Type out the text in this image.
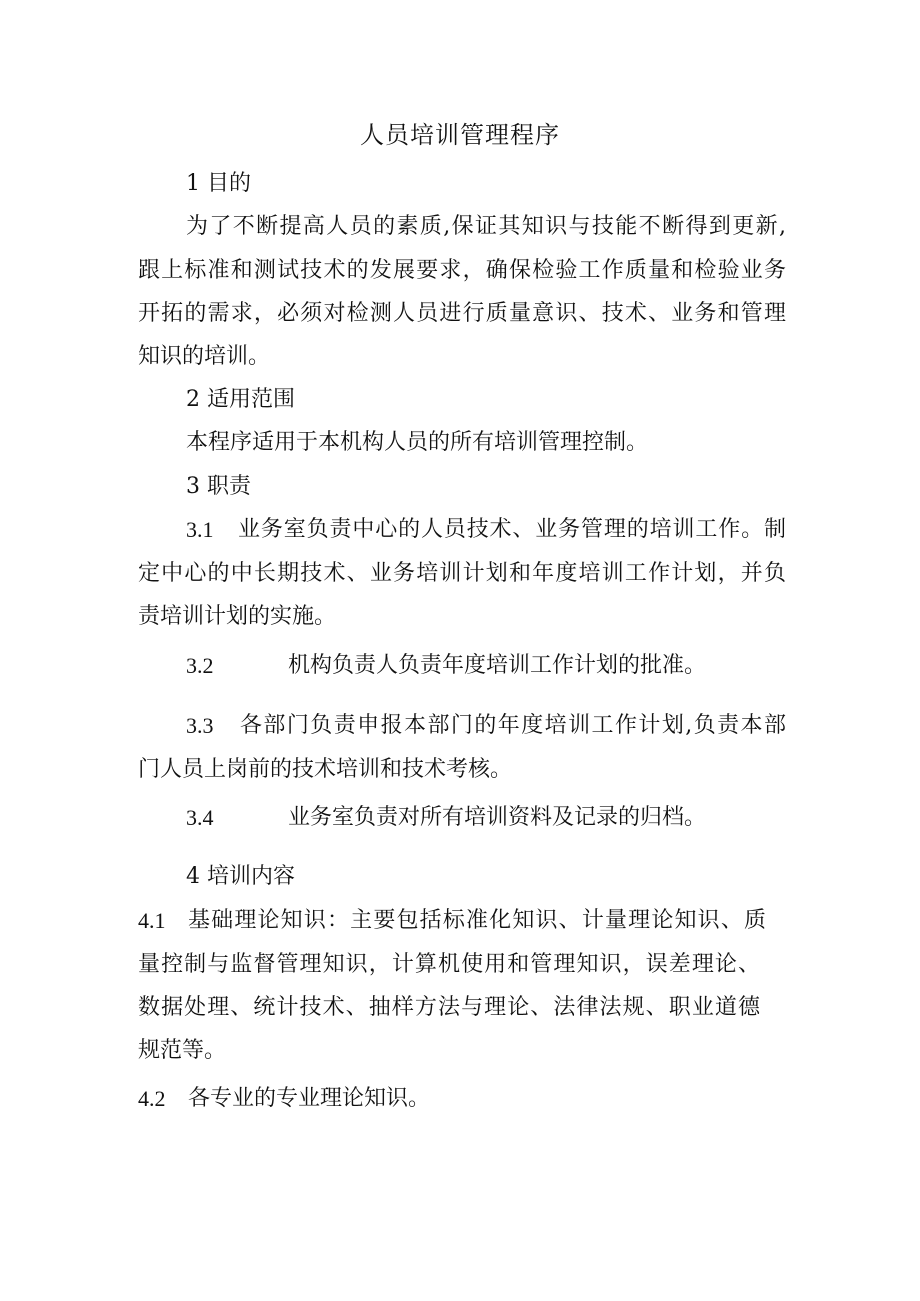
人员培训管理程序
1 目的
为了不断提高人员的素质,保证其知识与技能不断得到更新,
跟上标准和测试技术的发展要求，确保检验工作质量和检验业务
开拓的需求，必须对检测人员进行质量意识、技术、业务和管理
知识的培训。
2 适用范围
本程序适用于本机构人员的所有培训管理控制。
3 职责
3.1 业务室负责中心的人员技术、业务管理的培训工作。制
定中心的中长期技术、业务培训计划和年度培训工作计划，并负
责培训计划的实施。
3.2	机构负责人负责年度培训工作计划的批准。
3.3 各部门负责申报本部门的年度培训工作计划,负责本部
门人员上岗前的技术培训和技术考核。
3.4	业务室负责对所有培训资料及记录的归档。
4 培训内容
4.1 基础理论知识：主要包括标准化知识、计量理论知识、质
量控制与监督管理知识，计算机使用和管理知识，误差理论、
数据处理、统计技术、抽样方法与理论、法律法规、职业道德
规范等。
4.2 各专业的专业理论知识。
